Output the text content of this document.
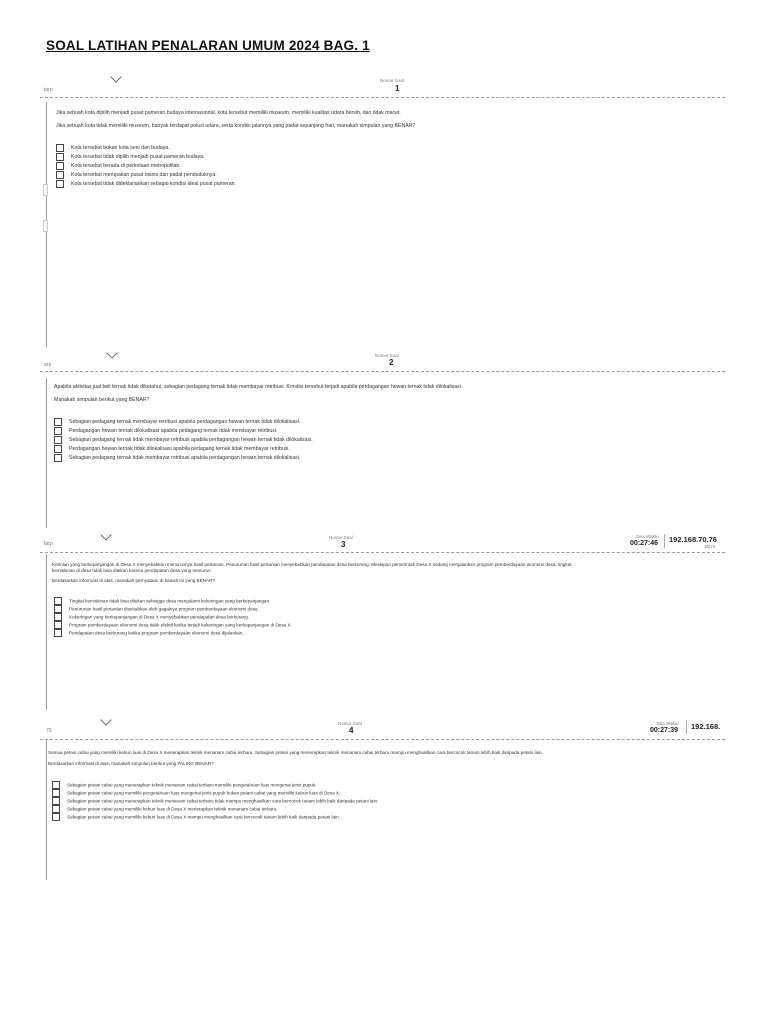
SOAL LATIHAN PENALARAN UMUM 2024 BAG. 1
tarp
Nomor Soal
1
Jika sebuah kota dipilih menjadi pusat pameran budaya internasional, kota tersebut memiliki museum, memiliki kualitas udara bersih, dan tidak macet.
Jika sebuah kota tidak memiliki museum, banyak terdapat polusi udara, serta kondisi jalannya yang padat sepanjang hari, manakah simpulan yang BENAR?
Kota tersebut bukan kota seni dan budaya.
Kota tersebut tidak dipilih menjadi pusat pameran budaya.
Kota tersebut berada di perkotaan metropolitan.
Kota tersebut merupakan pusat bisnis dan padat penduduknya.
Kota tersebut tidak dideklarasikan sebagai kondisi ideal pusat pameran.
arp
Nomor Soal
2
Apabila aktivitas jual beli ternak tidak diketahui, sebagian pedagang ternak tidak membayar retribusi. Kondisi tersebut terjadi apabila perdagangan hewan ternak tidak dilokalisasi.
Manakah simpulan berikut yang BENAR?
Sebagian pedagang ternak membayar retribusi apabila perdagangan hewan ternak tidak dilokalisasi.
Perdagangan hewan ternak dilokalisasi apabila pedagang ternak tidak membayar retribusi.
Sebagian pedagang ternak tidak membayar retribusi apabila perdagangan hewan ternak tidak dilokalisasi.
Perdagangan hewan ternak tidak dilokalisasi apabila pedagang ternak tidak membayar retribusi.
Sebagian pedagang ternak tidak membayar retribusi apabila perdagangan hewan ternak dilokalisasi.
tarp
Nomor Soal
3
Sisa Waktu
00:27:46 192.168.70.76
35/75
Kerinian yang berkepanjangan di Desa X menyebabkan menurunnya hasil pertanian. Penurunan hasil pertanian menyebabkan pendapatan desa berkurang. Meskipun pemerintah Desa X sedang menjalankan program pemberdayaan ekonomi desa, tingkat
kemiskinan di desa tidak bisa ditekan karena pendapatan desa yang menurun.
Berdasarkan informasi di atas, manakah pernyataan di bawah ini yang BENAR?
Tingkat kemiskinan tidak bisa ditekan sehingga desa mengalami kekeringan yang berkepanjangan.
Penurunan hasil pertanian disebabkan oleh gagalnya program pemberdayaan ekonomi desa.
Kekeringan yang berkepanjangan di Desa X menyebabkan pendapatan desa berkurang.
Program pemberdayaan ekonomi desa tidak efektif ketika terjadi kekeringan yang berkepanjangan di Desa X.
Pendapatan desa berkurang ketika program pemberdayaan ekonomi desa dijalankan.
70
Nomor Soal
4
Sisa Waktu
00:27:39 192.168.
Semua petani cabai yang memiliki kebun luas di Desa X menerapkan teknik menanam cabai terbaru. Sebagian petani yang menerapkan teknik menanam cabai terbaru mampu menghasilkan cara bercocok tanam lebih baik daripada petani lain.
Berdasarkan informasi di atas, manakah simpulan berikut yang PALING BENAR?
Sebagian petani cabai yang menerapkan teknik menanam cabai terbaru memiliki pengetahuan luas mengenai jenis pupuk.
Sebagian petani cabai yang memiliki pengetahuan luas mengenai jenis pupuk bukan petani cabai yang memiliki kebun luas di Desa X.
Sebagian petani cabai yang menerapkan teknik menanam cabai terbaru tidak mampu menghasilkan cara bercocok tanam lebih baik daripada petani lain.
Sebagian petani cabai yang memiliki kebun luas di Desa X menerapkan teknik menanam cabai terbaru.
Sebagian petani cabai yang memiliki kebun luas di Desa X mampu menghasilkan cara bercocok tanam lebih baik daripada petani lain.
